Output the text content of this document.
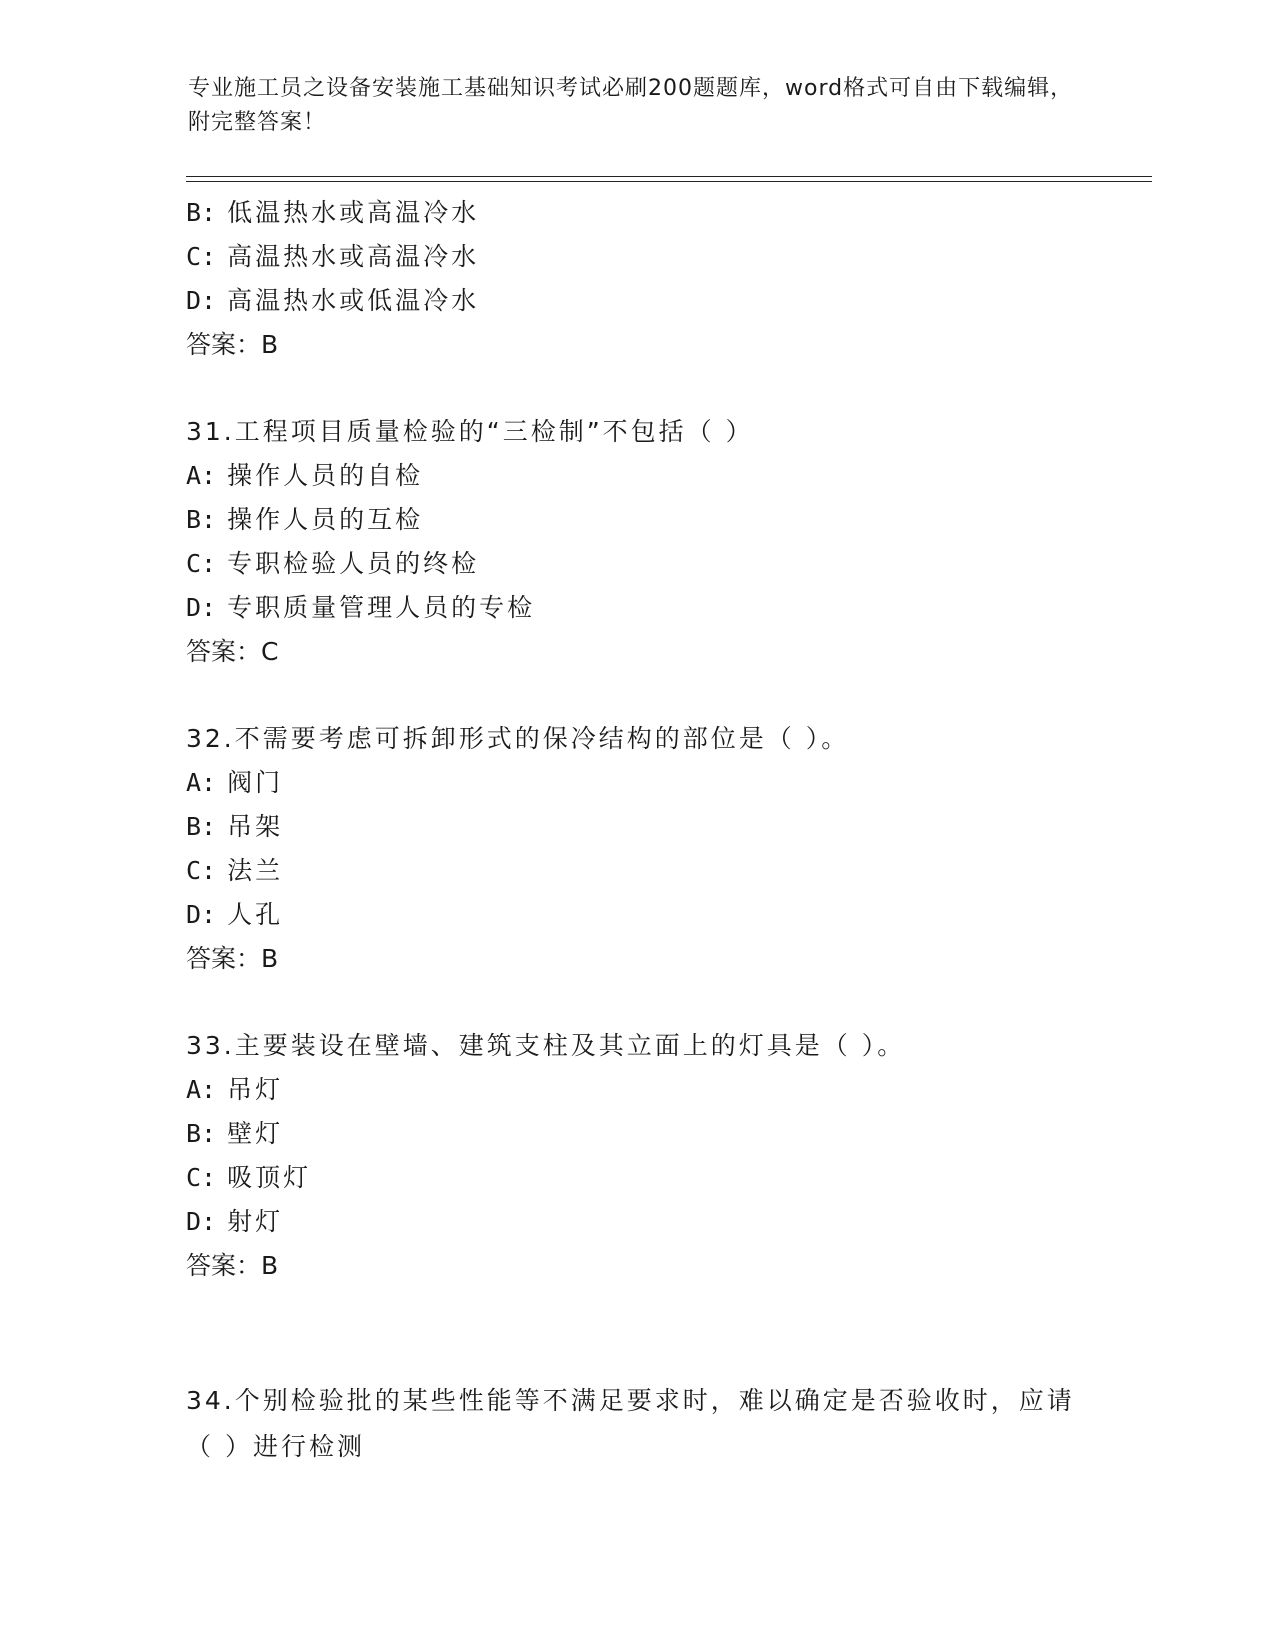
专业施工员之设备安装施工基础知识考试必刷200题题库，word格式可自由下载编辑，附完整答案！
B: 低温热水或高温冷水
C: 高温热水或高温冷水
D: 高温热水或低温冷水
答案：B
31.工程项目质量检验的“三检制”不包括（ ）
A: 操作人员的自检
B: 操作人员的互检
C: 专职检验人员的终检
D: 专职质量管理人员的专检
答案：C
32.不需要考虑可拆卸形式的保冷结构的部位是（ ）。
A: 阀门
B: 吊架
C: 法兰
D: 人孔
答案：B
33.主要装设在壁墙、建筑支柱及其立面上的灯具是（ ）。
A: 吊灯
B: 壁灯
C: 吸顶灯
D: 射灯
答案：B
34.个别检验批的某些性能等不满足要求时，难以确定是否验收时，应请（ ）进行检测
